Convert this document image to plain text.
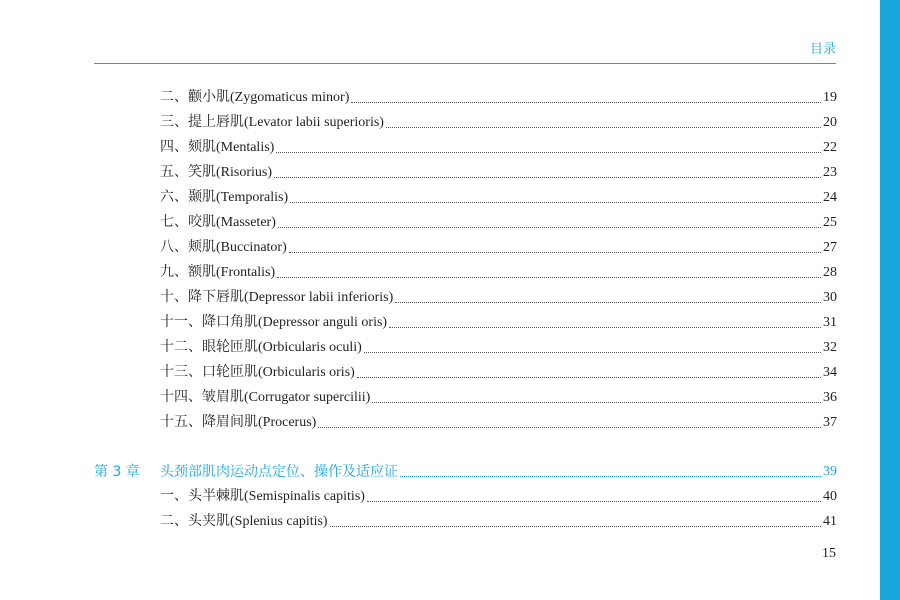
目录
二、颧小肌(Zygomaticus minor)	19
三、提上唇肌(Levator labii superioris)	20
四、颏肌(Mentalis)	22
五、笑肌(Risorius)	23
六、颞肌(Temporalis)	24
七、咬肌(Masseter)	25
八、颊肌(Buccinator)	27
九、额肌(Frontalis)	28
十、降下唇肌(Depressor labii inferioris)	30
十一、降口角肌(Depressor anguli oris)	31
十二、眼轮匝肌(Orbicularis oculi)	32
十三、口轮匝肌(Orbicularis oris)	34
十四、皱眉肌(Corrugator supercilii)	36
十五、降眉间肌(Procerus)	37
第 3 章	头颈部肌肉运动点定位、操作及适应证	39
一、头半棘肌(Semispinalis capitis)	40
二、头夹肌(Splenius capitis)	41
15
